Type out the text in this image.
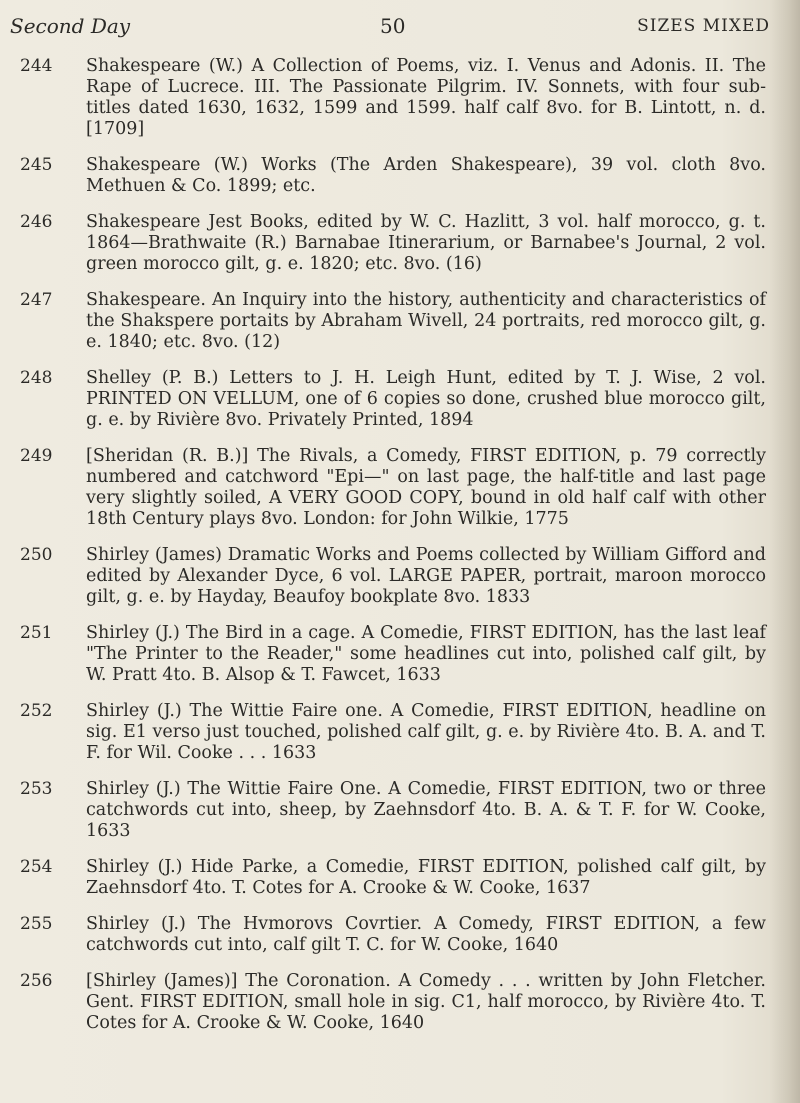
Second Day	50	SIZES MIXED
244	Shakespeare (W.) A Collection of Poems, viz. I. Venus and Adonis. II. The Rape of Lucrece. III. The Passionate Pilgrim. IV. Sonnets, with four sub-titles dated 1630, 1632, 1599 and 1599. half calf 8vo. for B. Lintott, n. d. [1709]
245	Shakespeare (W.) Works (The Arden Shakespeare), 39 vol. cloth 8vo. Methuen & Co. 1899; etc.
246	Shakespeare Jest Books, edited by W. C. Hazlitt, 3 vol. half morocco, g. t. 1864—Brathwaite (R.) Barnabae Itinerarium, or Barnabee's Journal, 2 vol. green morocco gilt, g. e. 1820; etc. 8vo. (16)
247	Shakespeare. An Inquiry into the history, authenticity and characteristics of the Shakspere portaits by Abraham Wivell, 24 portraits, red morocco gilt, g. e. 1840; etc. 8vo. (12)
248	Shelley (P. B.) Letters to J. H. Leigh Hunt, edited by T. J. Wise, 2 vol. PRINTED ON VELLUM, one of 6 copies so done, crushed blue morocco gilt, g. e. by Rivière 8vo. Privately Printed, 1894
249	[Sheridan (R. B.)] The Rivals, a Comedy, FIRST EDITION, p. 79 correctly numbered and catchword "Epi—" on last page, the half-title and last page very slightly soiled, A VERY GOOD COPY, bound in old half calf with other 18th Century plays 8vo. London: for John Wilkie, 1775
250	Shirley (James) Dramatic Works and Poems collected by William Gifford and edited by Alexander Dyce, 6 vol. LARGE PAPER, portrait, maroon morocco gilt, g. e. by Hayday, Beaufoy bookplate 8vo. 1833
251	Shirley (J.) The Bird in a cage. A Comedie, FIRST EDITION, has the last leaf "The Printer to the Reader," some headlines cut into, polished calf gilt, by W. Pratt 4to. B. Alsop & T. Fawcet, 1633
252	Shirley (J.) The Wittie Faire one. A Comedie, FIRST EDITION, headline on sig. E1 verso just touched, polished calf gilt, g. e. by Rivière 4to. B. A. and T. F. for Wil. Cooke . . . 1633
253	Shirley (J.) The Wittie Faire One. A Comedie, FIRST EDITION, two or three catchwords cut into, sheep, by Zaehnsdorf 4to. B. A. & T. F. for W. Cooke, 1633
254	Shirley (J.) Hide Parke, a Comedie, FIRST EDITION, polished calf gilt, by Zaehnsdorf 4to. T. Cotes for A. Crooke & W. Cooke, 1637
255	Shirley (J.) The Hvmorovs Covrtier. A Comedy, FIRST EDITION, a few catchwords cut into, calf gilt T. C. for W. Cooke, 1640
256	[Shirley (James)] The Coronation. A Comedy . . . written by John Fletcher. Gent. FIRST EDITION, small hole in sig. C1, half morocco, by Rivière 4to. T. Cotes for A. Crooke & W. Cooke, 1640
